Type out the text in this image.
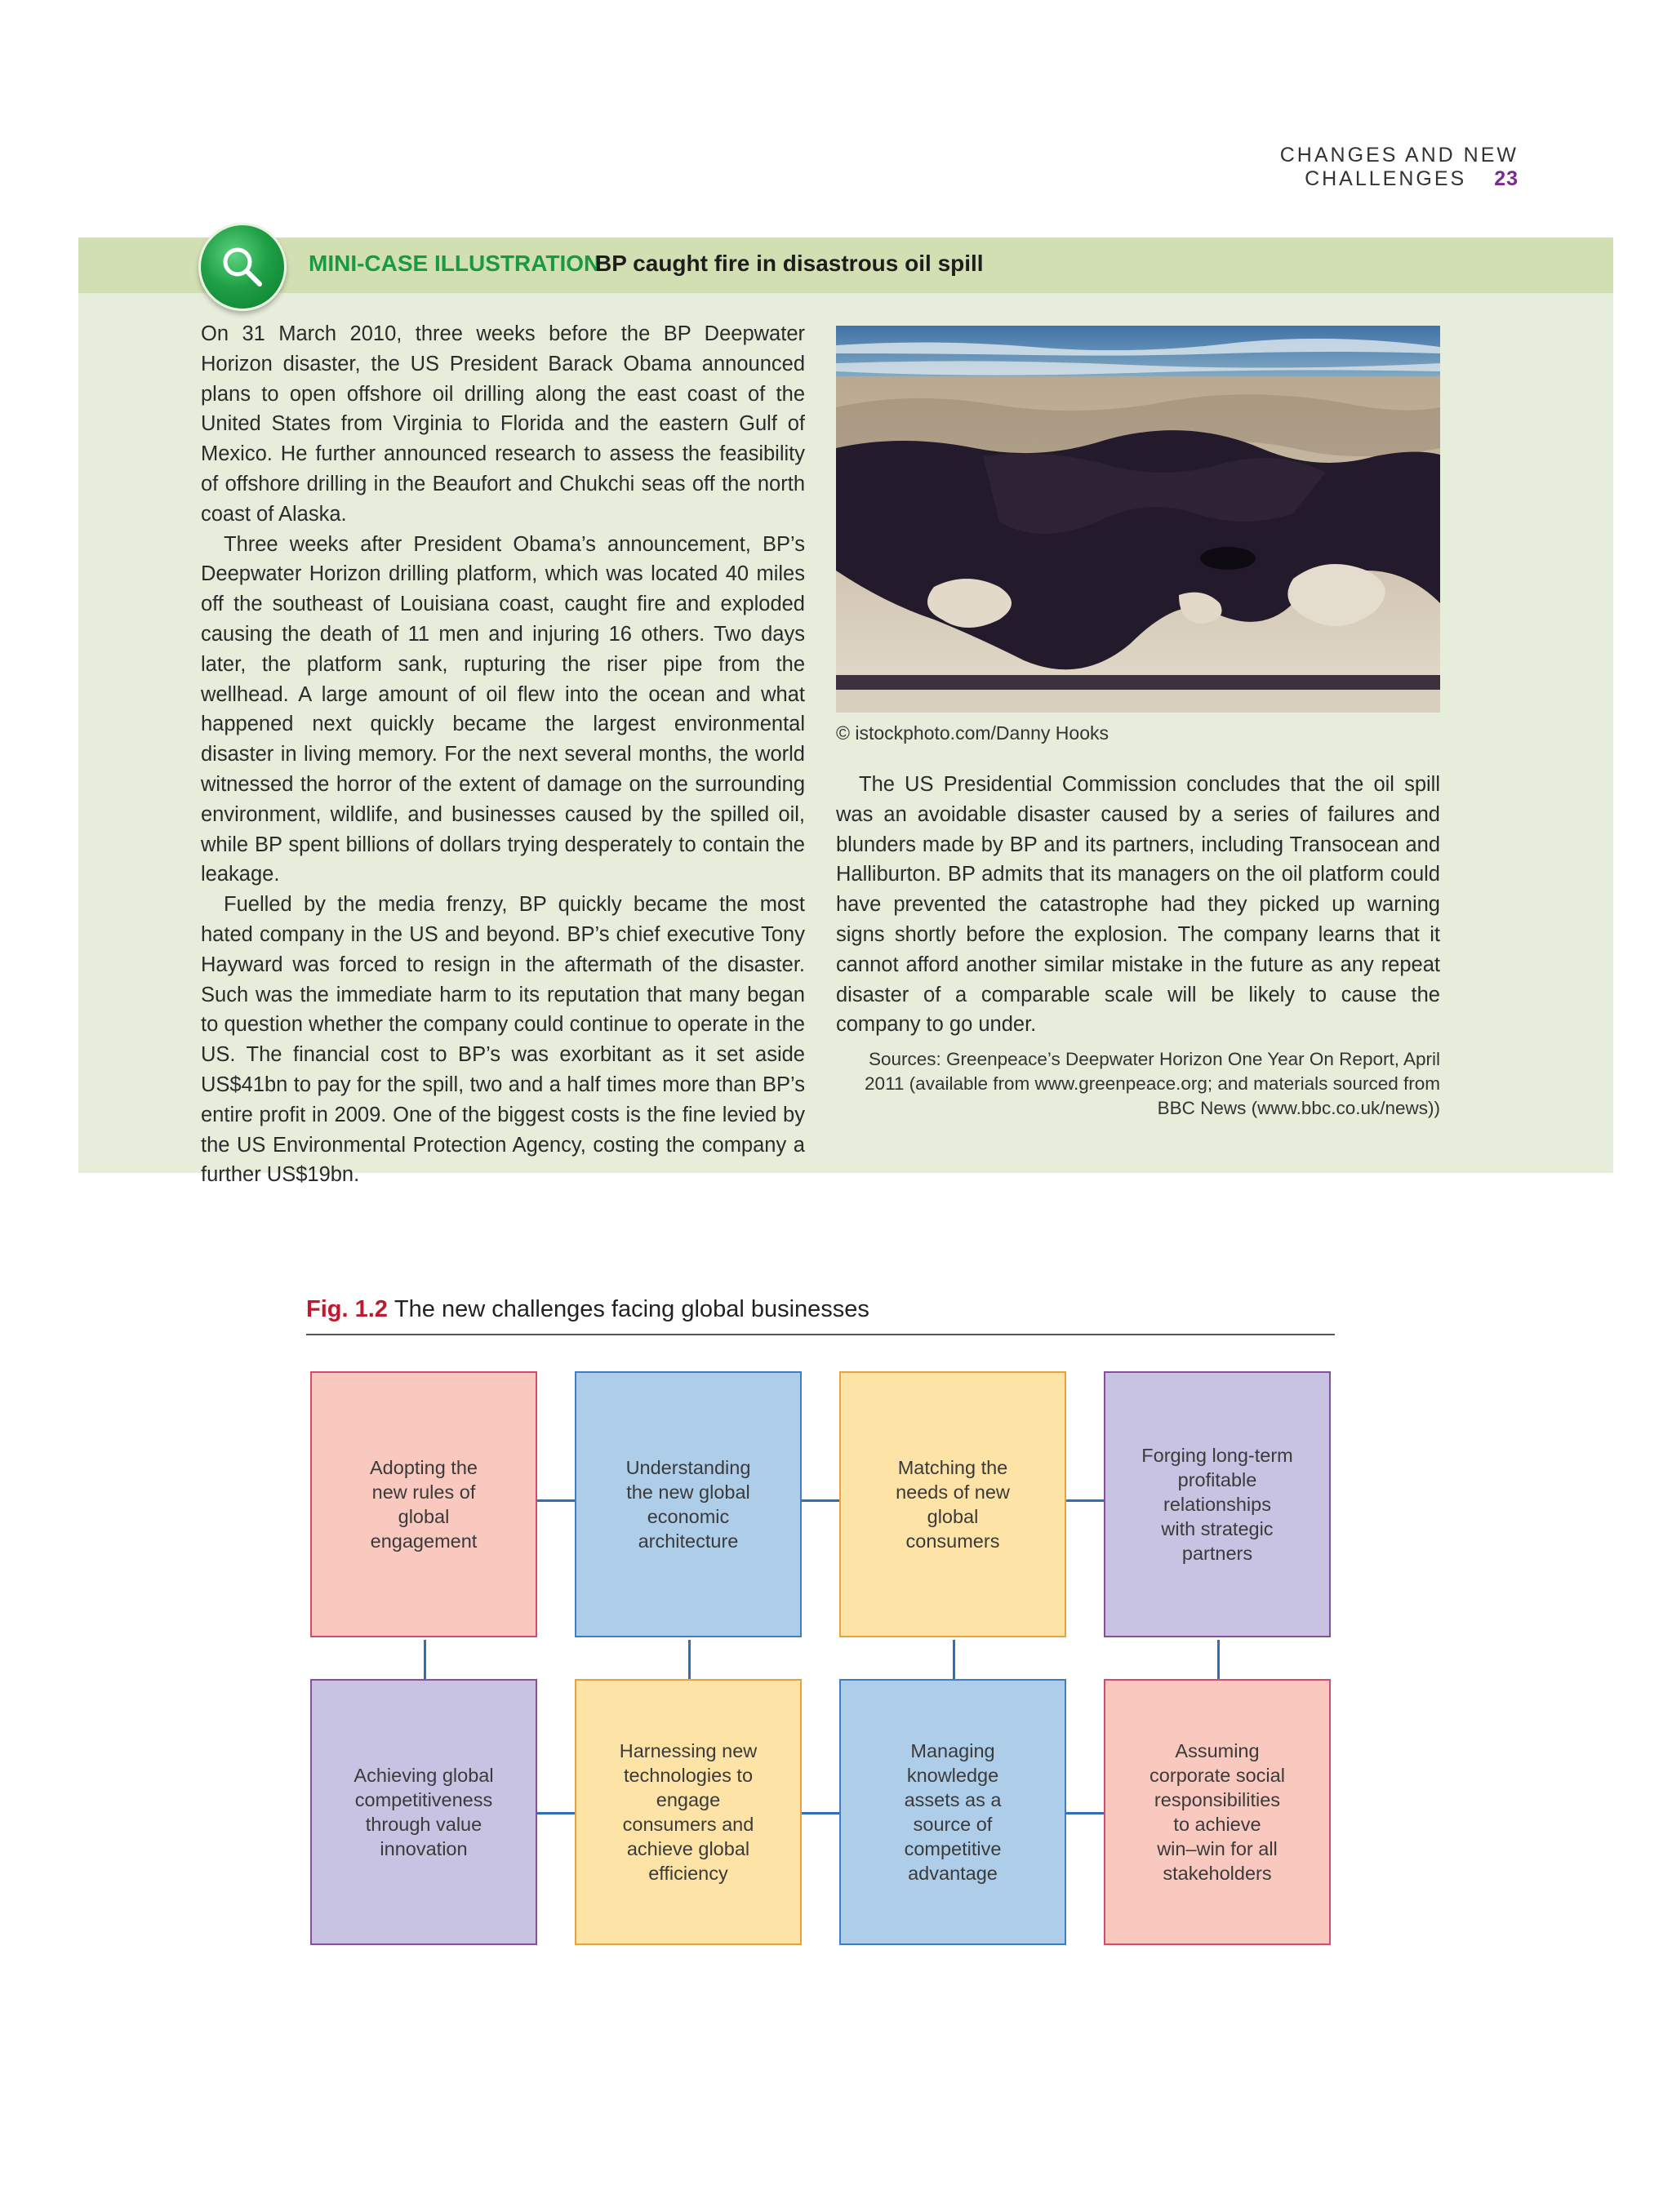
CHANGES AND NEW CHALLENGES 23
MINI-CASE ILLUSTRATION
BP caught fire in disastrous oil spill

On 31 March 2010, three weeks before the BP Deepwater Horizon disaster, the US President Barack Obama announced plans to open offshore oil drilling along the east coast of the United States from Virginia to Florida and the eastern Gulf of Mexico. He further announced research to assess the feasibility of offshore drilling in the Beaufort and Chukchi seas off the north coast of Alaska.

Three weeks after President Obama’s announcement, BP’s Deepwater Horizon drilling platform, which was located 40 miles off the southeast of Louisiana coast, caught fire and exploded causing the death of 11 men and injuring 16 others. Two days later, the platform sank, rupturing the riser pipe from the wellhead. A large amount of oil flew into the ocean and what happened next quickly became the largest environmental disaster in living memory. For the next several months, the world witnessed the horror of the extent of damage on the surrounding environment, wildlife, and businesses caused by the spilled oil, while BP spent billions of dollars trying desperately to contain the leakage.

Fuelled by the media frenzy, BP quickly became the most hated company in the US and beyond. BP’s chief executive Tony Hayward was forced to resign in the aftermath of the disaster. Such was the immediate harm to its reputation that many began to question whether the company could continue to operate in the US. The financial cost to BP’s was exorbitant as it set aside US$41bn to pay for the spill, two and a half times more than BP’s entire profit in 2009. One of the biggest costs is the fine levied by the US Environmental Protection Agency, costing the company a further US$19bn.

© istockphoto.com/Danny Hooks

The US Presidential Commission concludes that the oil spill was an avoidable disaster caused by a series of failures and blunders made by BP and its partners, including Transocean and Halliburton. BP admits that its managers on the oil platform could have prevented the catastrophe had they picked up warning signs shortly before the explosion. The company learns that it cannot afford another similar mistake in the future as any repeat disaster of a comparable scale will be likely to cause the company to go under.

Sources: Greenpeace’s Deepwater Horizon One Year On Report, April 2011 (available from www.greenpeace.org; and materials sourced from BBC News (www.bbc.co.uk/news))
Fig. 1.2 The new challenges facing global businesses
Adopting the
new rules of
global
engagement
Understanding
the new global
economic
architecture
Matching the
needs of new
global
consumers
Forging long-term
profitable
relationships
with strategic
partners
Achieving global
competitiveness
through value
innovation
Harnessing new
technologies to
engage
consumers and
achieve global
efficiency
Managing
knowledge
assets as a
source of
competitive
advantage
Assuming
corporate social
responsibilities
to achieve
win–win for all
stakeholders
